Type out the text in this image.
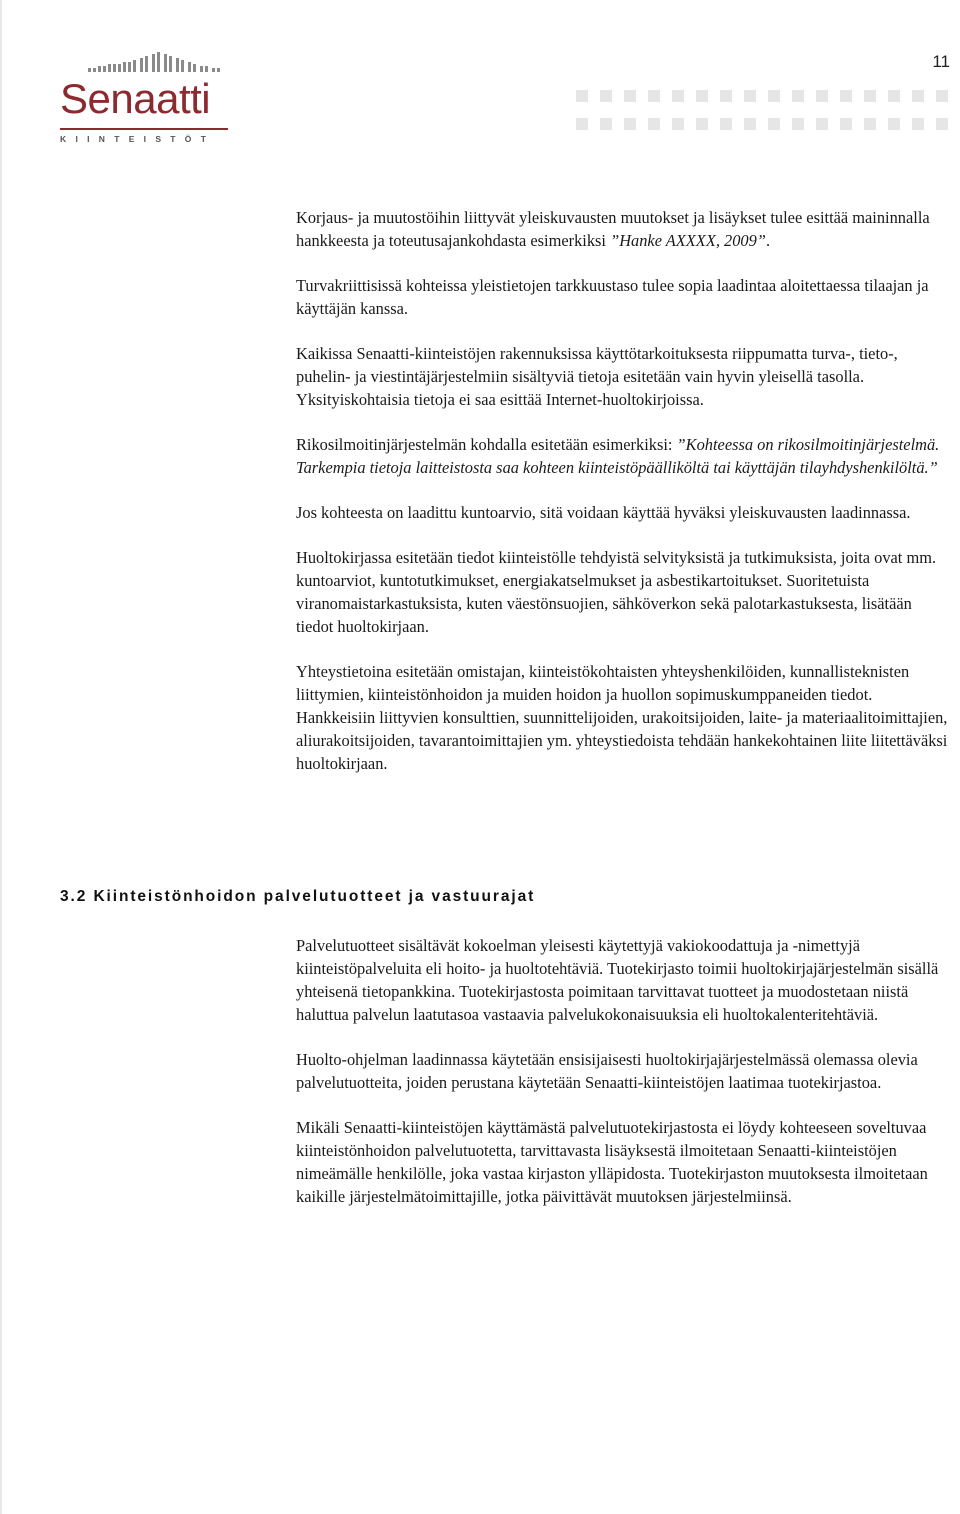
11
Senaatti
KIINTEISTÖT

Korjaus- ja muutostöihin liittyvät yleiskuvausten muutokset ja lisäykset tulee esittää maininnalla hankkeesta ja toteutusajankohdasta esimerkiksi ”Hanke AXXXX, 2009”.

Turvakriittisissä kohteissa yleistietojen tarkkuustaso tulee sopia laadintaa aloitettaessa tilaajan ja käyttäjän kanssa.

Kaikissa Senaatti-kiinteistöjen rakennuksissa käyttötarkoituksesta riippumatta turva-, tieto-, puhelin- ja viestintäjärjestelmiin sisältyviä tietoja esitetään vain hyvin yleisellä tasolla. Yksityiskohtaisia tietoja ei saa esittää Internet-huoltokirjoissa.

Rikosilmoitinjärjestelmän kohdalla esitetään esimerkiksi: ”Kohteessa on rikosilmoitinjärjestelmä. Tarkempia tietoja laitteistosta saa kohteen kiinteistöpäälliköltä tai käyttäjän tilayhdyshenkilöltä.”

Jos kohteesta on laadittu kuntoarvio, sitä voidaan käyttää hyväksi yleiskuvausten laadinnassa.

Huoltokirjassa esitetään tiedot kiinteistölle tehdyistä selvityksistä ja tutkimuksista, joita ovat mm. kuntoarviot, kuntotutkimukset, energiakatselmukset ja asbestikartoitukset. Suoritetuista viranomaistarkastuksista, kuten väestönsuojien, sähköverkon sekä palotarkastuksesta, lisätään tiedot huoltokirjaan.

Yhteystietoina esitetään omistajan, kiinteistökohtaisten yhteyshenkilöiden, kunnallisteknisten liittymien, kiinteistönhoidon ja muiden hoidon ja huollon sopimuskumppaneiden tiedot. Hankkeisiin liittyvien konsulttien, suunnittelijoiden, urakoitsijoiden, laite- ja materiaalitoimittajien, aliurakoitsijoiden, tavarantoimittajien ym. yhteystiedoista tehdään hankekohtainen liite liitettäväksi huoltokirjaan.

3.2 Kiinteistönhoidon palvelutuotteet ja vastuurajat

Palvelutuotteet sisältävät kokoelman yleisesti käytettyjä vakiokoodattuja ja -nimettyjä kiinteistöpalveluita eli hoito- ja huoltotehtäviä. Tuotekirjasto toimii huoltokirjajärjestelmän sisällä yhteisenä tietopankkina. Tuotekirjastosta poimitaan tarvittavat tuotteet ja muodostetaan niistä haluttua palvelun laatutasoa vastaavia palvelukokonaisuuksia eli huoltokalenteritehtäviä.

Huolto-ohjelman laadinnassa käytetään ensisijaisesti huoltokirjajärjestelmässä olemassa olevia palvelutuotteita, joiden perustana käytetään Senaatti-kiinteistöjen laatimaa tuotekirjastoa.

Mikäli Senaatti-kiinteistöjen käyttämästä palvelutuotekirjastosta ei löydy kohteeseen soveltuvaa kiinteistönhoidon palvelutuotetta, tarvittavasta lisäyksestä ilmoitetaan Senaatti-kiinteistöjen nimeämälle henkilölle, joka vastaa kirjaston ylläpidosta. Tuotekirjaston muutoksesta ilmoitetaan kaikille järjestelmätoimittajille, jotka päivittävät muutoksen järjestelmiinsä.
